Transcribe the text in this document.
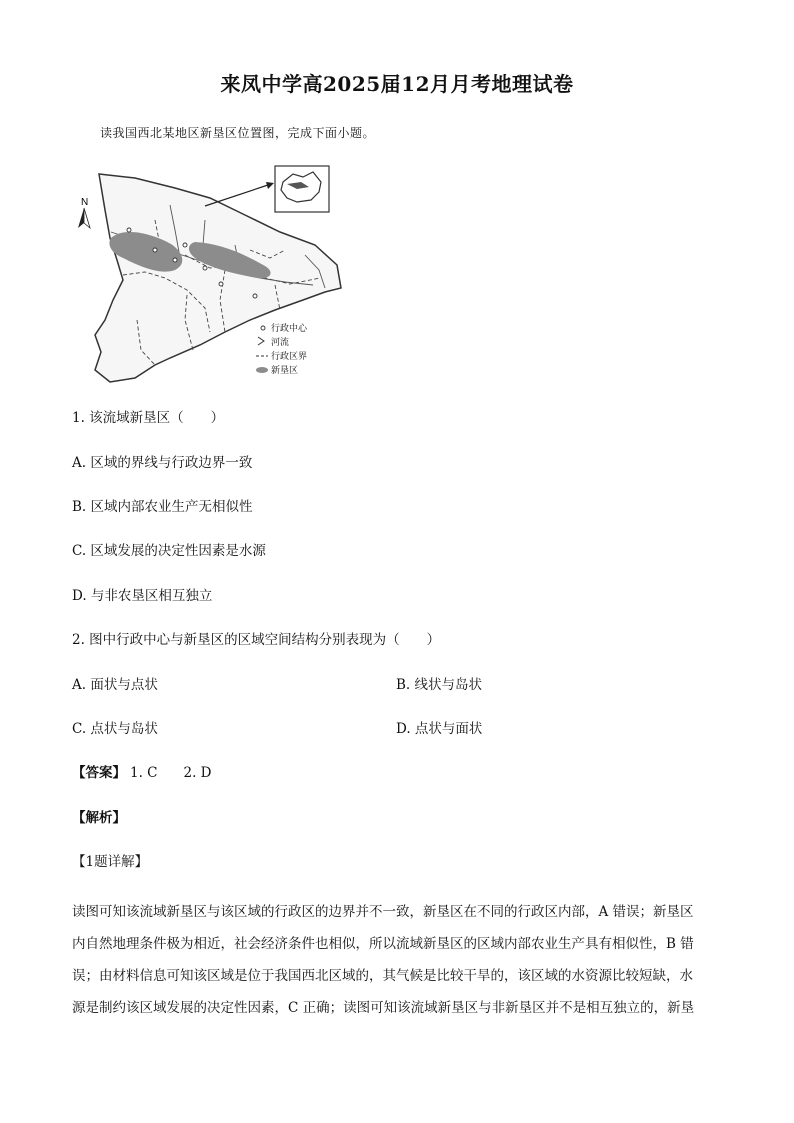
来凤中学高2025届12月月考地理试卷
读我国西北某地区新垦区位置图，完成下面小题。
N
行政中心
河流
行政区界
新垦区
1. 该流域新垦区（　　）
A. 区域的界线与行政边界一致
B. 区域内部农业生产无相似性
C. 区域发展的决定性因素是水源
D. 与非农垦区相互独立
2. 图中行政中心与新垦区的区域空间结构分别表现为（　　）
A. 面状与点状	B. 线状与岛状
C. 点状与岛状	D. 点状与面状
【答案】 1. C 2. D
【解析】
【1题详解】
读图可知该流域新垦区与该区域的行政区的边界并不一致，新垦区在不同的行政区内部，A 错误；新垦区
内自然地理条件极为相近，社会经济条件也相似，所以流域新垦区的区域内部农业生产具有相似性，B 错
误；由材料信息可知该区域是位于我国西北区域的，其气候是比较干旱的，该区域的水资源比较短缺，水
源是制约该区域发展的决定性因素，C 正确；读图可知该流域新垦区与非新垦区并不是相互独立的，新垦
